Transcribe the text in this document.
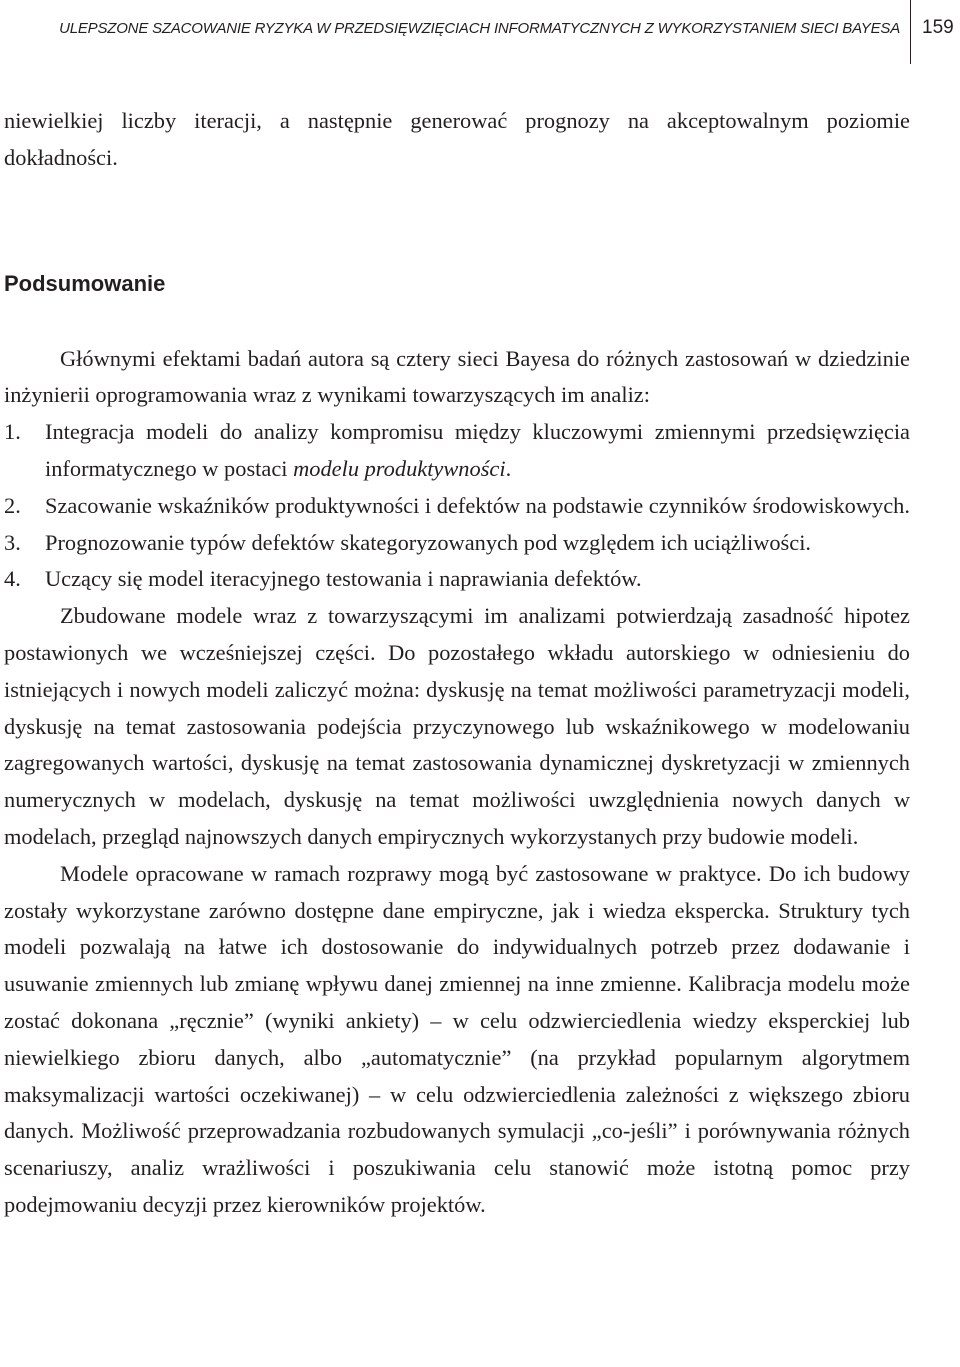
ULEPSZONE SZACOWANIE RYZYKA W PRZEDSIĘWZIĘCIACH INFORMATYCZNYCH Z WYKORZYSTANIEM SIECI BAYESA 159

niewielkiej liczby iteracji, a następnie generować prognozy na akceptowalnym poziomie dokładności.

Podsumowanie

Głównymi efektami badań autora są cztery sieci Bayesa do różnych zastosowań w dziedzinie inżynierii oprogramowania wraz z wynikami towarzyszących im analiz:

1. Integracja modeli do analizy kompromisu między kluczowymi zmiennymi przedsięwzięcia informatycznego w postaci modelu produktywności.
2. Szacowanie wskaźników produktywności i defektów na podstawie czynników środowiskowych.
3. Prognozowanie typów defektów skategoryzowanych pod względem ich uciążliwości.
4. Uczący się model iteracyjnego testowania i naprawiania defektów.

Zbudowane modele wraz z towarzyszącymi im analizami potwierdzają zasadność hipotez postawionych we wcześniejszej części. Do pozostałego wkładu autorskiego w odniesieniu do istniejących i nowych modeli zaliczyć można: dyskusję na temat możliwości parametryzacji modeli, dyskusję na temat zastosowania podejścia przyczynowego lub wskaźnikowego w modelowaniu zagregowanych wartości, dyskusję na temat zastosowania dynamicznej dyskretyzacji w zmiennych numerycznych w modelach, dyskusję na temat możliwości uwzględnienia nowych danych w modelach, przegląd najnowszych danych empirycznych wykorzystanych przy budowie modeli.

Modele opracowane w ramach rozprawy mogą być zastosowane w praktyce. Do ich budowy zostały wykorzystane zarówno dostępne dane empiryczne, jak i wiedza ekspercka. Struktury tych modeli pozwalają na łatwe ich dostosowanie do indywidualnych potrzeb przez dodawanie i usuwanie zmiennych lub zmianę wpływu danej zmiennej na inne zmienne. Kalibracja modelu może zostać dokonana „ręcznie” (wyniki ankiety) – w celu odzwierciedlenia wiedzy eksperckiej lub niewielkiego zbioru danych, albo „automatycznie” (na przykład popularnym algorytmem maksymalizacji wartości oczekiwanej) – w celu odzwierciedlenia zależności z większego zbioru danych. Możliwość przeprowadzania rozbudowanych symulacji „co-jeśli” i porównywania różnych scenariuszy, analiz wrażliwości i poszukiwania celu stanowić może istotną pomoc przy podejmowaniu decyzji przez kierowników projektów.
